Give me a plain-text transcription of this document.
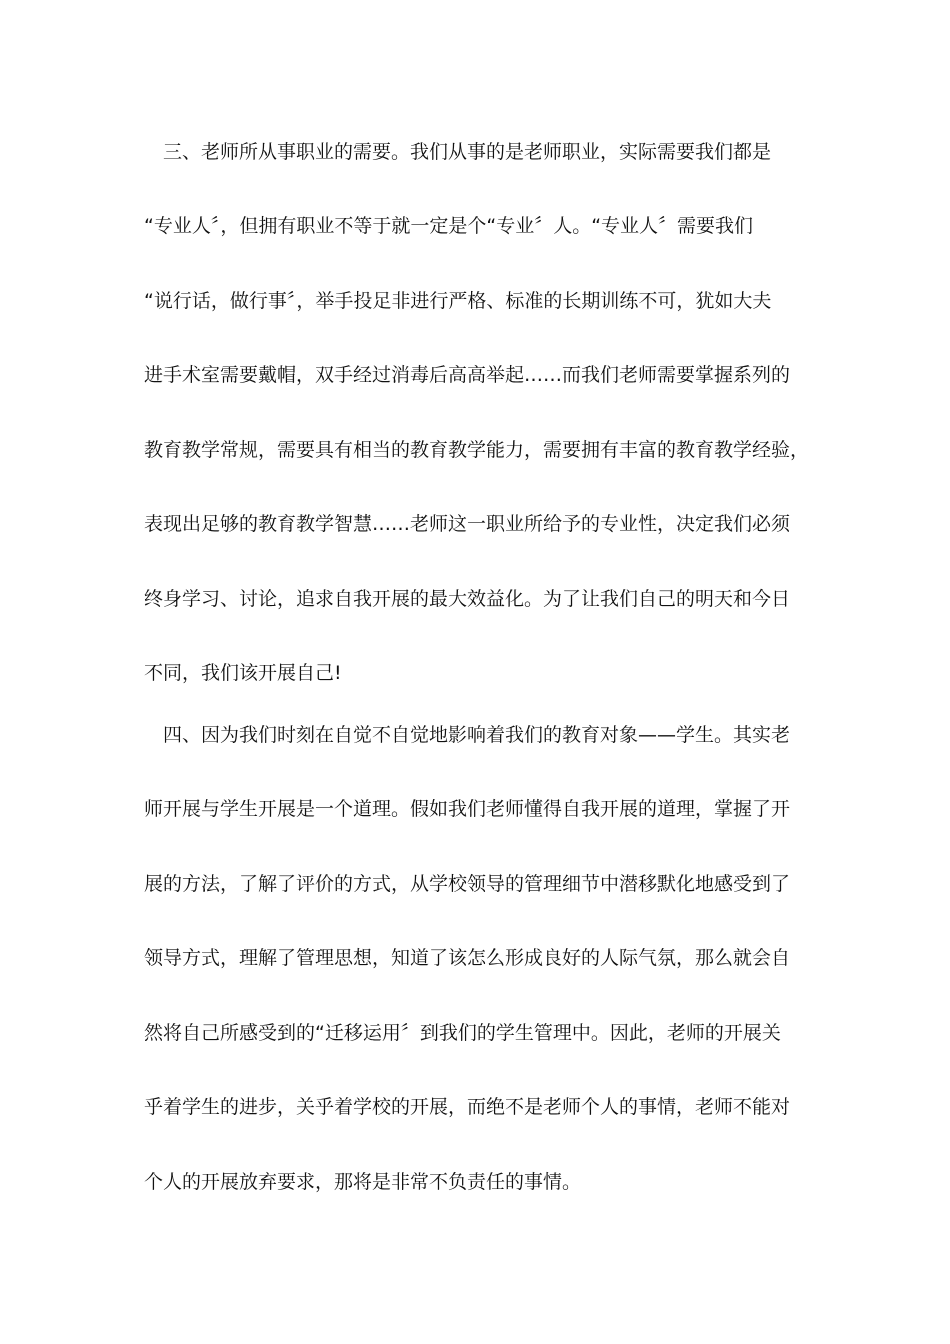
三、老师所从事职业的需要。我们从事的是老师职业，实际需要我们都是
“专业人〞，但拥有职业不等于就一定是个“专业〞人。“专业人〞需要我们
“说行话，做行事〞，举手投足非进行严格、标准的长期训练不可，犹如大夫
进手术室需要戴帽，双手经过消毒后高高举起……而我们老师需要掌握系列的
教育教学常规，需要具有相当的教育教学能力，需要拥有丰富的教育教学经验，
表现出足够的教育教学智慧……老师这一职业所给予的专业性，决定我们必须
终身学习、讨论，追求自我开展的最大效益化。为了让我们自己的明天和今日
不同，我们该开展自己!
四、因为我们时刻在自觉不自觉地影响着我们的教育对象——学生。其实老
师开展与学生开展是一个道理。假如我们老师懂得自我开展的道理，掌握了开
展的方法，了解了评价的方式，从学校领导的管理细节中潜移默化地感受到了
领导方式，理解了管理思想，知道了该怎么形成良好的人际气氛，那么就会自
然将自己所感受到的“迁移运用〞到我们的学生管理中。因此，老师的开展关
乎着学生的进步，关乎着学校的开展，而绝不是老师个人的事情，老师不能对
个人的开展放弃要求，那将是非常不负责任的事情。
